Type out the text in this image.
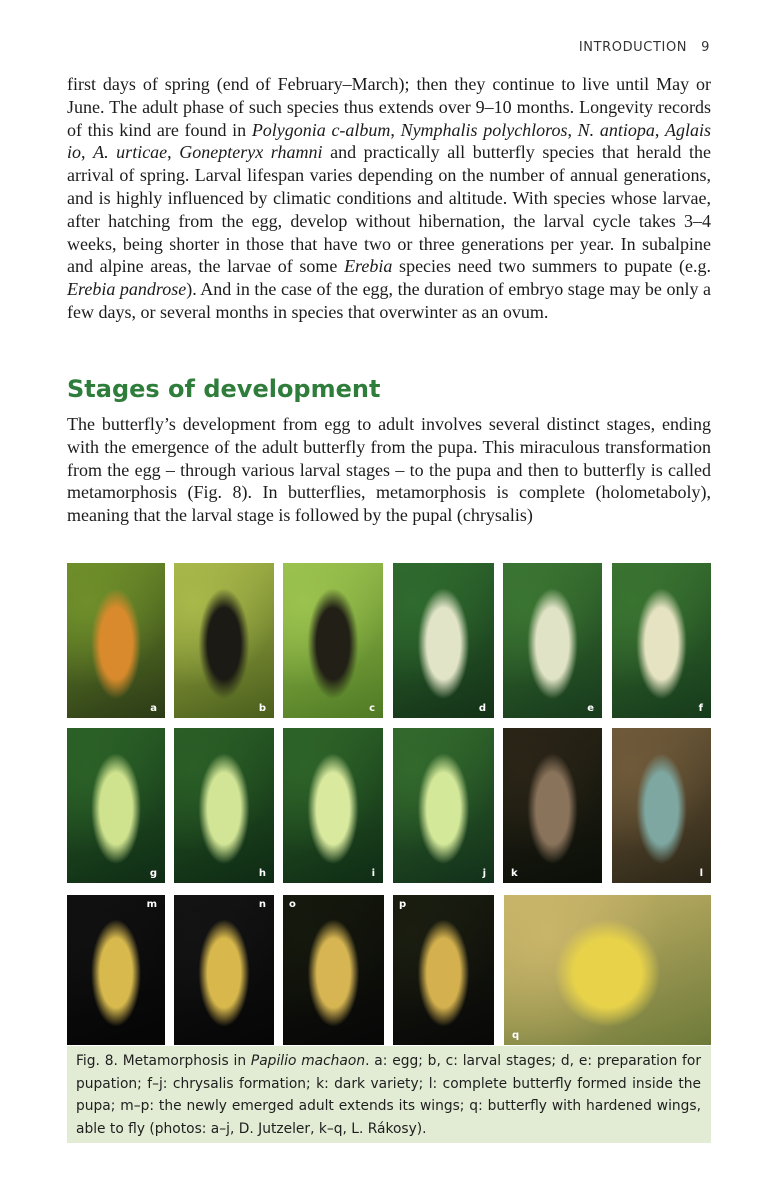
INTRODUCTION 9
first days of spring (end of February–March); then they continue to live until May or June. The adult phase of such species thus extends over 9–10 months. Longevity records of this kind are found in Polygonia c-album, Nymphalis polychloros, N. antiopa, Aglais io, A. urticae, Gonepteryx rhamni and practically all butterfly species that herald the arrival of spring. Larval lifespan varies depending on the number of annual generations, and is highly influenced by climatic conditions and altitude. With species whose larvae, after hatching from the egg, develop without hibernation, the larval cycle takes 3–4 weeks, being shorter in those that have two or three generations per year. In subalpine and alpine areas, the larvae of some Erebia species need two summers to pupate (e.g. Erebia pandrose). And in the case of the egg, the duration of embryo stage may be only a few days, or several months in species that overwinter as an ovum.
Stages of development
The butterfly’s development from egg to adult involves several distinct stages, ending with the emergence of the adult butterfly from the pupa. This miraculous transformation from the egg – through various larval stages – to the pupa and then to butterfly is called metamorphosis (Fig. 8). In butterflies, metamorphosis is complete (holometaboly), meaning that the larval stage is followed by the pupal (chrysalis)
a	b	c	d	e	f
g	h	i	j	k	l
m	n o	p
q
Fig. 8. Metamorphosis in Papilio machaon. a: egg; b, c: larval stages; d, e: preparation for pupation; f–j: chrysalis formation; k: dark variety; l: complete butterfly formed inside the pupa; m–p: the newly emerged adult extends its wings; q: butterfly with hardened wings, able to fly (photos: a–j, D. Jutzeler, k–q, L. Rákosy).
